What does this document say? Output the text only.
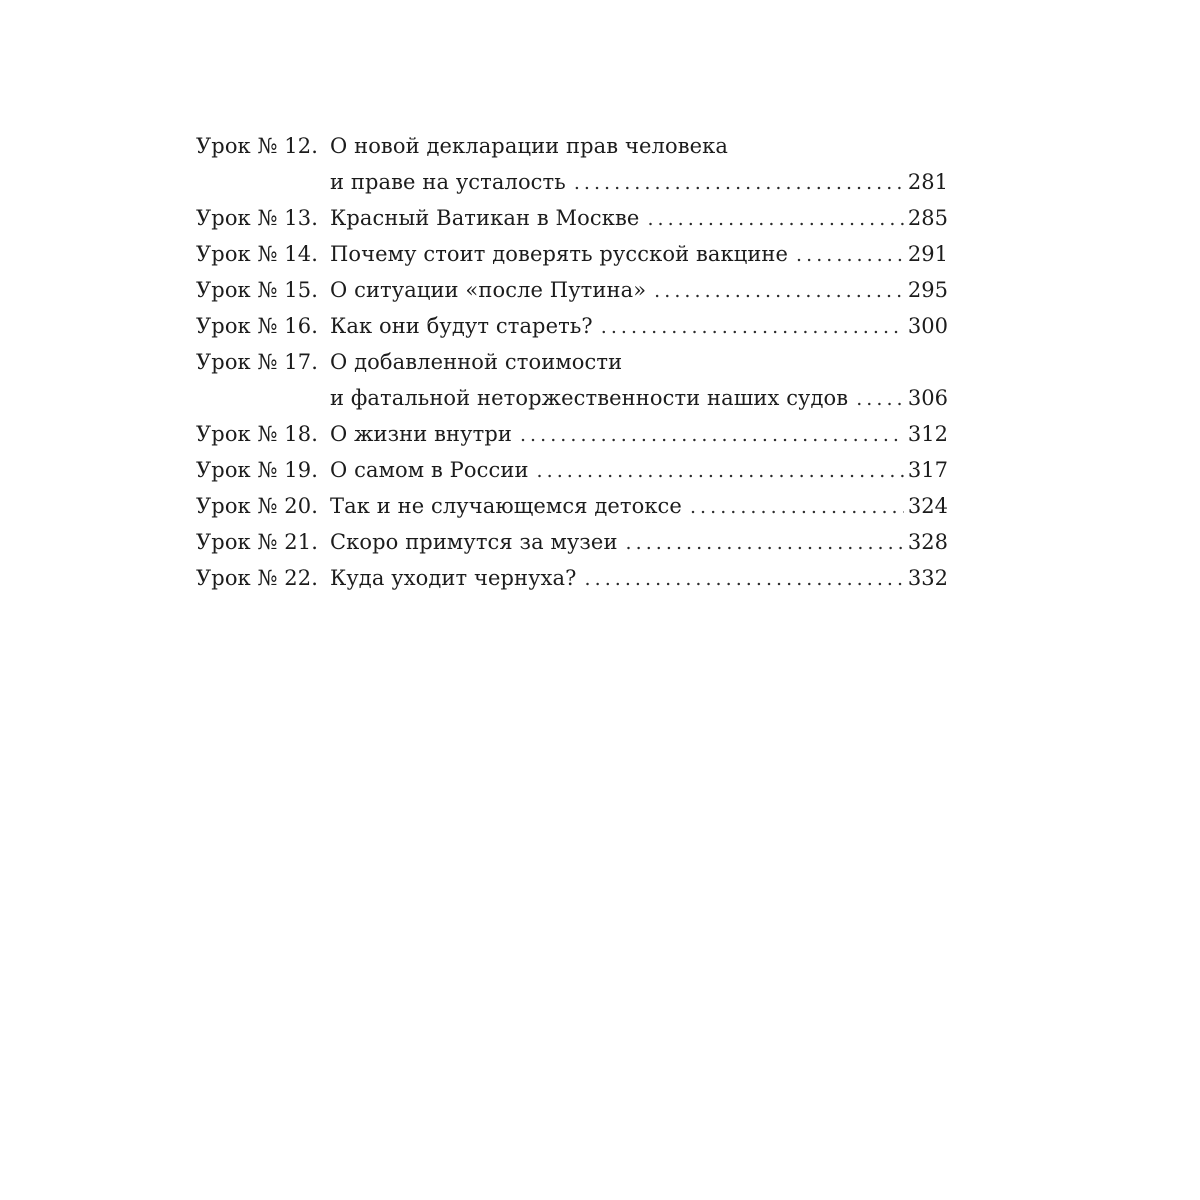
Урок № 12. О новой декларации прав человека
и праве на усталость . . .	281
Урок № 13. Красный Ватикан в Москве . . .	285
Урок № 14. Почему стоит доверять русской вакцине . . .	291
Урок № 15. О ситуации «после Путина» . . .	295
Урок № 16. Как они будут стареть? . . .	300
Урок № 17. О добавленной стоимости
и фатальной неторжественности наших судов . . .	306
Урок № 18. О жизни внутри . . .	312
Урок № 19. О самом в России . . .	317
Урок № 20. Так и не случающемся детоксе . . .	324
Урок № 21. Скоро примутся за музеи . . .	328
Урок № 22. Куда уходит чернуха? . . .	332
